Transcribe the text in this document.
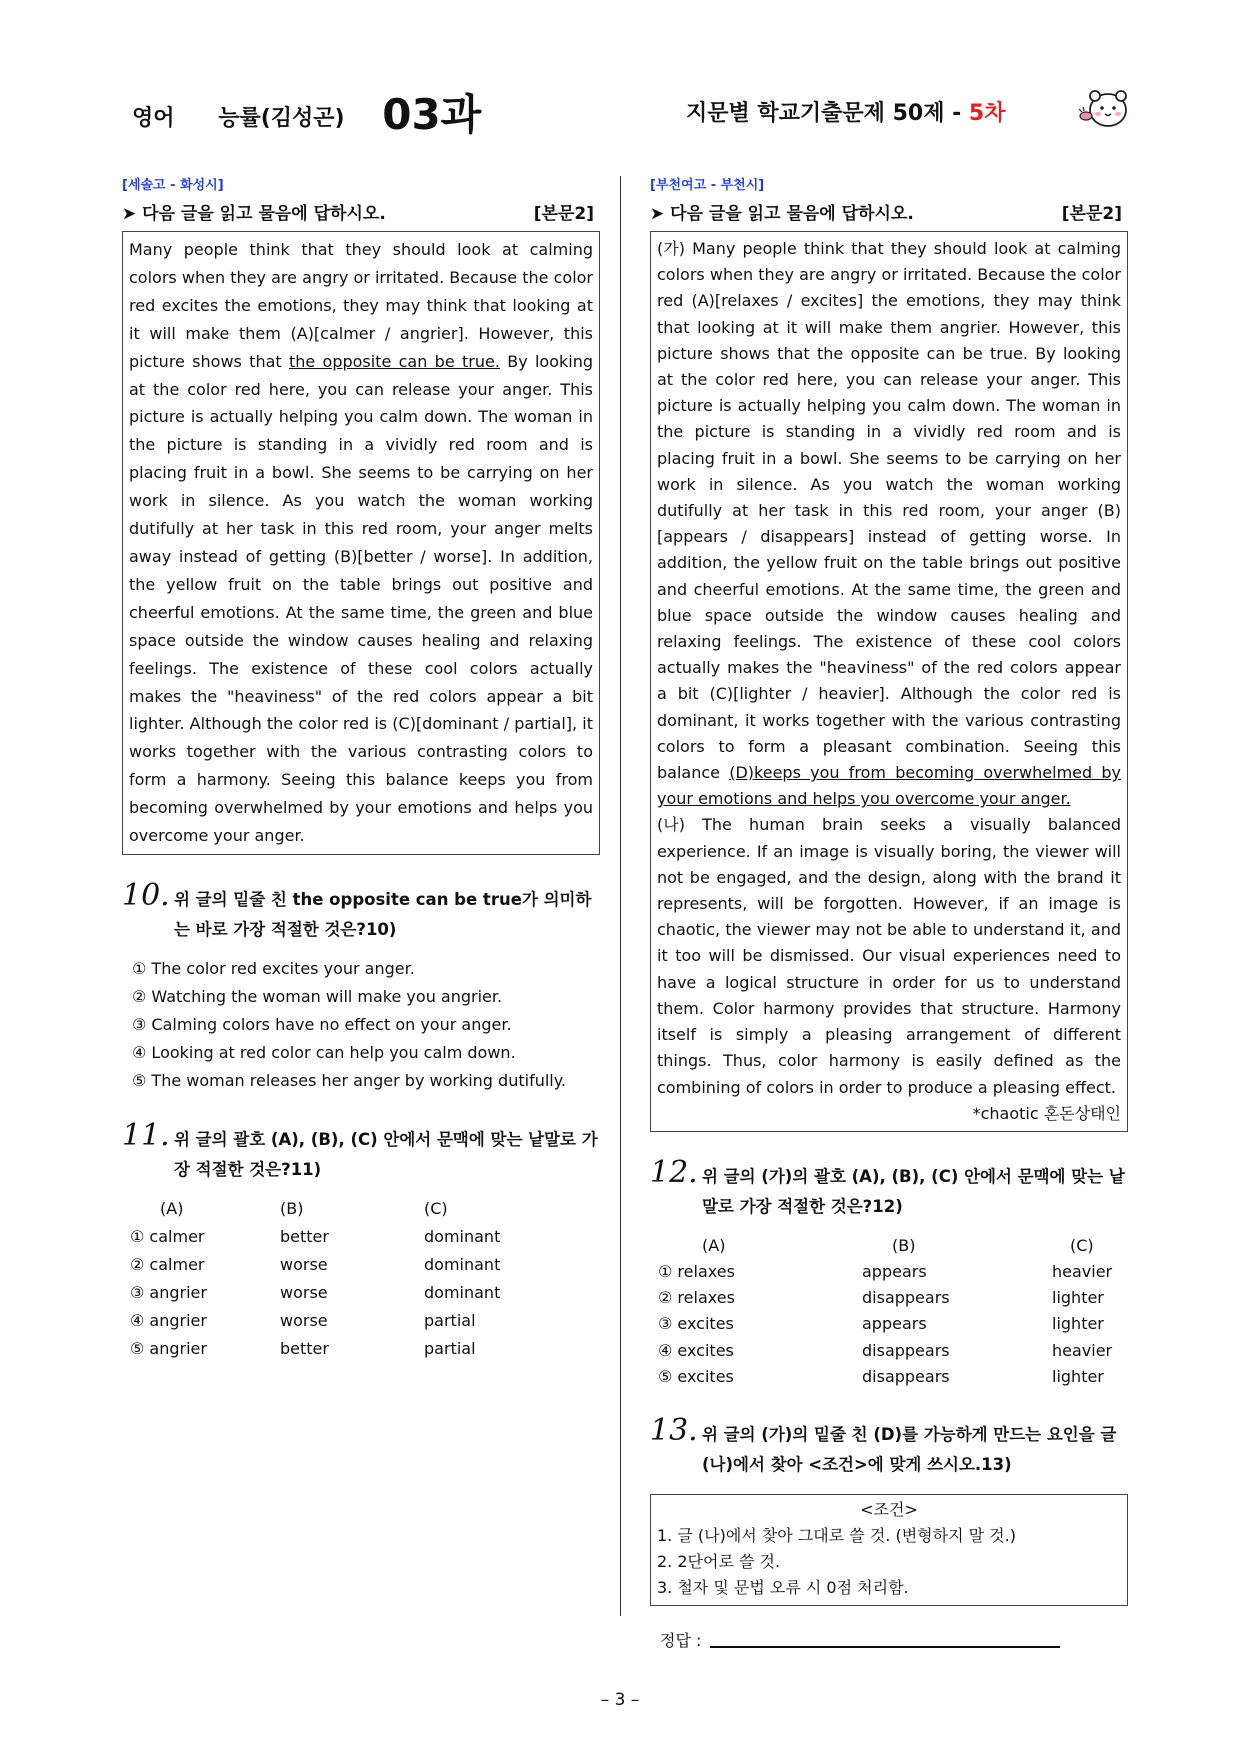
영어 능률(김성곤) 03과	지문별 학교기출문제 50제 - 5차
[세솔고 - 화성시]
➤ 다음 글을 읽고 물음에 답하시오.	[본문2]
Many people think that they should look at calming colors when they are angry or irritated. Because the color red excites the emotions, they may think that looking at it will make them (A)[calmer / angrier]. However, this picture shows that the opposite can be true. By looking at the color red here, you can release your anger. This picture is actually helping you calm down. The woman in the picture is standing in a vividly red room and is placing fruit in a bowl. She seems to be carrying on her work in silence. As you watch the woman working dutifully at her task in this red room, your anger melts away instead of getting (B)[better / worse]. In addition, the yellow fruit on the table brings out positive and cheerful emotions. At the same time, the green and blue space outside the window causes healing and relaxing feelings. The existence of these cool colors actually makes the "heaviness" of the red colors appear a bit lighter. Although the color red is (C)[dominant / partial], it works together with the various contrasting colors to form a harmony. Seeing this balance keeps you from becoming overwhelmed by your emotions and helps you overcome your anger.
10. 위 글의 밑줄 친 the opposite can be true가 의미하는 바로 가장 적절한 것은?10)
① The color red excites your anger.
② Watching the woman will make you angrier.
③ Calming colors have no effect on your anger.
④ Looking at red color can help you calm down.
⑤ The woman releases her anger by working dutifully.
11. 위 글의 괄호 (A), (B), (C) 안에서 문맥에 맞는 낱말로 가장 적절한 것은?11)
(A)	(B)	(C)
① calmer	better	dominant
② calmer	worse	dominant
③ angrier	worse	dominant
④ angrier	worse	partial
⑤ angrier	better	partial
[부천여고 - 부천시]
➤ 다음 글을 읽고 물음에 답하시오.	[본문2]
(가) Many people think that they should look at calming colors when they are angry or irritated. Because the color red (A)[relaxes / excites] the emotions, they may think that looking at it will make them angrier. However, this picture shows that the opposite can be true. By looking at the color red here, you can release your anger. This picture is actually helping you calm down. The woman in the picture is standing in a vividly red room and is placing fruit in a bowl. She seems to be carrying on her work in silence. As you watch the woman working dutifully at her task in this red room, your anger (B)[appears / disappears] instead of getting worse. In addition, the yellow fruit on the table brings out positive and cheerful emotions. At the same time, the green and blue space outside the window causes healing and relaxing feelings. The existence of these cool colors actually makes the "heaviness" of the red colors appear a bit (C)[lighter / heavier]. Although the color red is dominant, it works together with the various contrasting colors to form a pleasant combination. Seeing this balance (D)keeps you from becoming overwhelmed by your emotions and helps you overcome your anger.
(나) The human brain seeks a visually balanced experience. If an image is visually boring, the viewer will not be engaged, and the design, along with the brand it represents, will be forgotten. However, if an image is chaotic, the viewer may not be able to understand it, and it too will be dismissed. Our visual experiences need to have a logical structure in order for us to understand them. Color harmony provides that structure. Harmony itself is simply a pleasing arrangement of different things. Thus, color harmony is easily defined as the combining of colors in order to produce a pleasing effect.
*chaotic 혼돈상태인
12. 위 글의 (가)의 괄호 (A), (B), (C) 안에서 문맥에 맞는 낱말로 가장 적절한 것은?12)
(A)	(B)	(C)
① relaxes	appears	heavier
② relaxes	disappears	lighter
③ excites	appears	lighter
④ excites	disappears	heavier
⑤ excites	disappears	lighter
13. 위 글의 (가)의 밑줄 친 (D)를 가능하게 만드는 요인을 글 (나)에서 찾아 <조건>에 맞게 쓰시오.13)
<조건>
1. 글 (나)에서 찾아 그대로 쓸 것. (변형하지 말 것.)
2. 2단어로 쓸 것.
3. 철자 및 문법 오류 시 0점 처리함.
정답 :
– 3 –
